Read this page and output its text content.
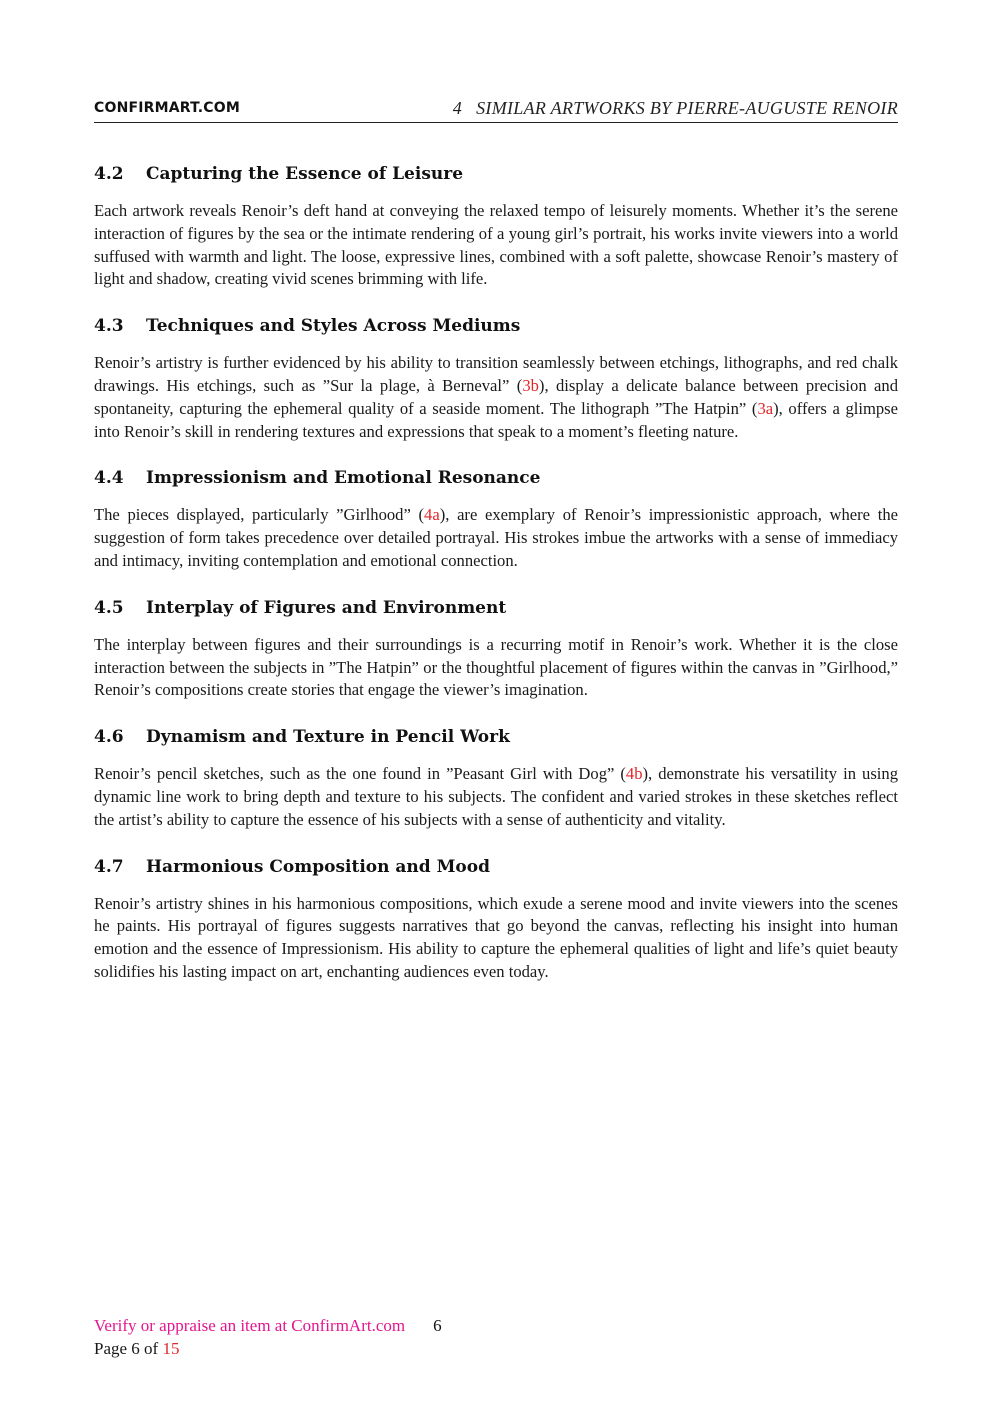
CONFIRMART.COM	4 SIMILAR ARTWORKS BY PIERRE-AUGUSTE RENOIR
4.2 Capturing the Essence of Leisure

Each artwork reveals Renoir’s deft hand at conveying the relaxed tempo of leisurely moments. Whether it’s the serene interaction of figures by the sea or the intimate rendering of a young girl’s portrait, his works invite viewers into a world suffused with warmth and light. The loose, expressive lines, combined with a soft palette, showcase Renoir’s mastery of light and shadow, creating vivid scenes brimming with life.

4.3 Techniques and Styles Across Mediums

Renoir’s artistry is further evidenced by his ability to transition seamlessly between etchings, lithographs, and red chalk drawings. His etchings, such as ”Sur la plage, à Berneval” (3b), display a delicate balance between precision and spontaneity, capturing the ephemeral quality of a seaside moment. The lithograph ”The Hatpin” (3a), offers a glimpse into Renoir’s skill in rendering textures and expressions that speak to a moment’s fleeting nature.

4.4 Impressionism and Emotional Resonance

The pieces displayed, particularly ”Girlhood” (4a), are exemplary of Renoir’s impressionistic approach, where the suggestion of form takes precedence over detailed portrayal. His strokes imbue the artworks with a sense of immediacy and intimacy, inviting contemplation and emotional connection.

4.5 Interplay of Figures and Environment

The interplay between figures and their surroundings is a recurring motif in Renoir’s work. Whether it is the close interaction between the subjects in ”The Hatpin” or the thoughtful placement of figures within the canvas in ”Girlhood,” Renoir’s compositions create stories that engage the viewer’s imagination.

4.6 Dynamism and Texture in Pencil Work

Renoir’s pencil sketches, such as the one found in ”Peasant Girl with Dog” (4b), demonstrate his versatility in using dynamic line work to bring depth and texture to his subjects. The confident and varied strokes in these sketches reflect the artist’s ability to capture the essence of his subjects with a sense of authenticity and vitality.

4.7 Harmonious Composition and Mood

Renoir’s artistry shines in his harmonious compositions, which exude a serene mood and invite viewers into the scenes he paints. His portrayal of figures suggests narratives that go beyond the canvas, reflecting his insight into human emotion and the essence of Impressionism. His ability to capture the ephemeral qualities of light and life’s quiet beauty solidifies his lasting impact on art, enchanting audiences even today.

Verify or appraise an item at ConfirmArt.com 6
Page 6 of 15
